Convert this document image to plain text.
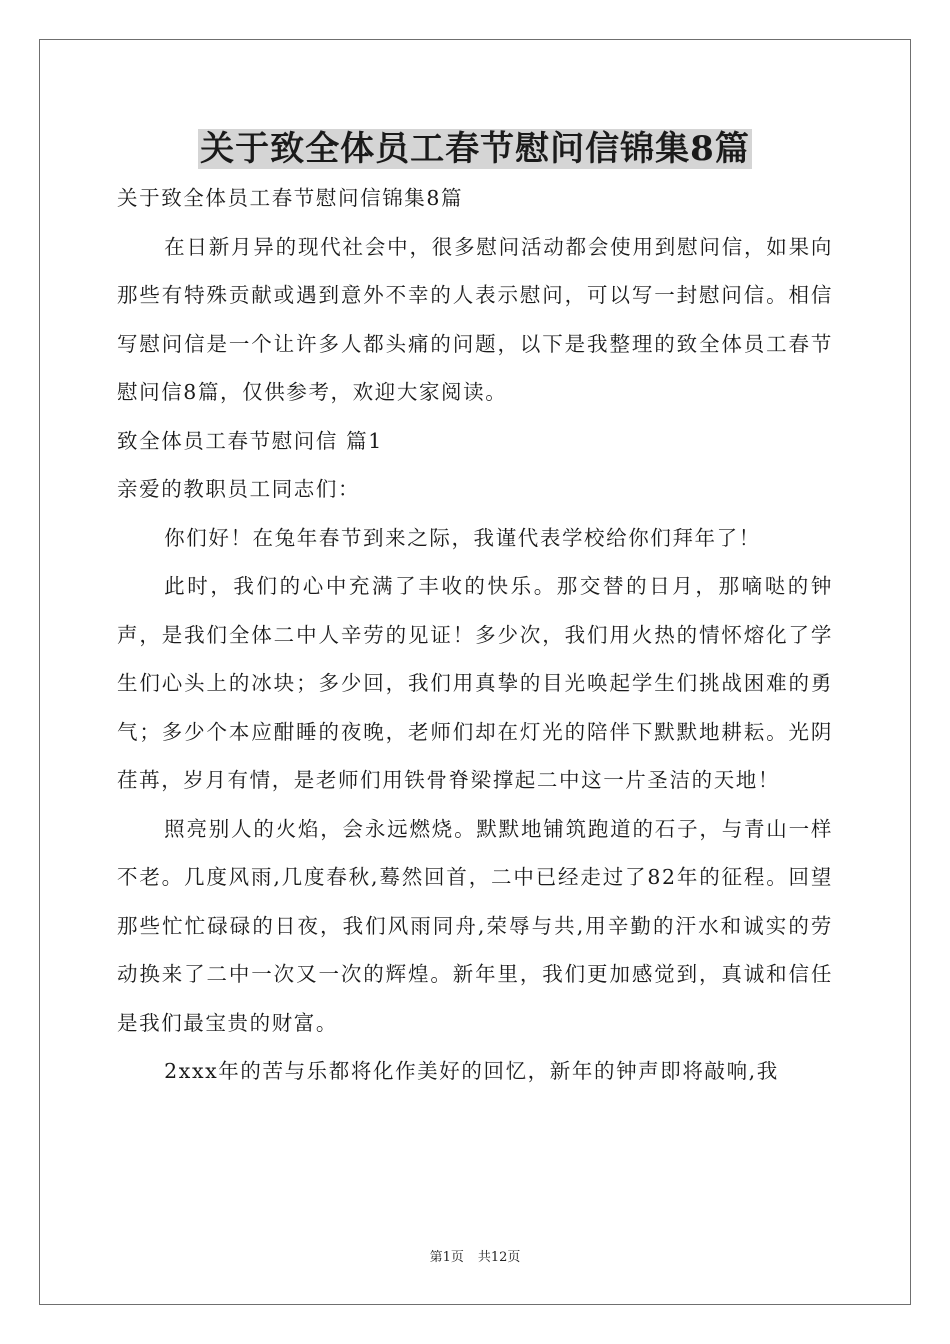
关于致全体员工春节慰问信锦集8篇

关于致全体员工春节慰问信锦集8篇

在日新月异的现代社会中，很多慰问活动都会使用到慰问信，如果向那些有特殊贡献或遇到意外不幸的人表示慰问，可以写一封慰问信。相信写慰问信是一个让许多人都头痛的问题，以下是我整理的致全体员工春节慰问信8篇，仅供参考，欢迎大家阅读。

致全体员工春节慰问信 篇1

亲爱的教职员工同志们：

你们好！在兔年春节到来之际，我谨代表学校给你们拜年了！

此时，我们的心中充满了丰收的快乐。那交替的日月，那嘀哒的钟声，是我们全体二中人辛劳的见证！多少次，我们用火热的情怀熔化了学生们心头上的冰块；多少回，我们用真挚的目光唤起学生们挑战困难的勇气；多少个本应酣睡的夜晚，老师们却在灯光的陪伴下默默地耕耘。光阴荏苒，岁月有情，是老师们用铁骨脊梁撑起二中这一片圣洁的天地！

照亮别人的火焰，会永远燃烧。默默地铺筑跑道的石子，与青山一样不老。几度风雨,几度春秋,蓦然回首，二中已经走过了82年的征程。回望那些忙忙碌碌的日夜，我们风雨同舟,荣辱与共,用辛勤的汗水和诚实的劳动换来了二中一次又一次的辉煌。新年里，我们更加感觉到，真诚和信任是我们最宝贵的财富。

2xxx年的苦与乐都将化作美好的回忆，新年的钟声即将敲响,我

第1页 共12页
